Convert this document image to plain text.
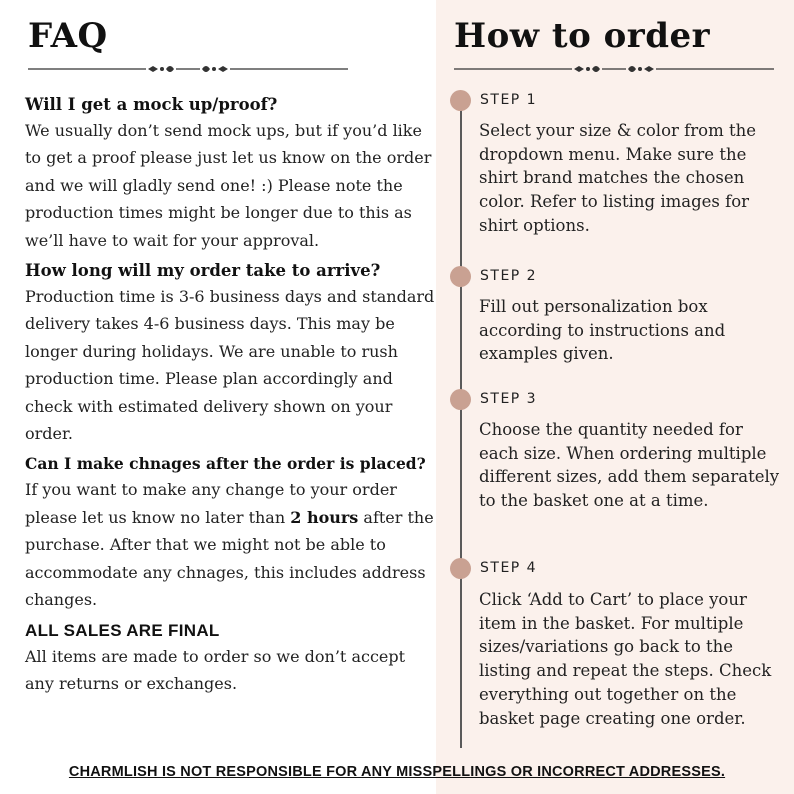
FAQ	How to order
Will I get a mock up/proof?
We usually don’t send mock ups, but if you’d like to get a proof please just let us know on the order and we will gladly send one! :) Please note the production times might be longer due to this as we’ll have to wait for your approval.
How long will my order take to arrive?
Production time is 3-6 business days and standard delivery takes 4-6 business days. This may be longer during holidays. We are unable to rush production time. Please plan accordingly and check with estimated delivery shown on your order.
Can I make chnages after the order is placed?
If you want to make any change to your order please let us know no later than 2 hours after the purchase. After that we might not be able to accommodate any chnages, this includes address changes.
ALL SALES ARE FINAL
All items are made to order so we don’t accept any returns or exchanges.
STEP 1
Select your size & color from the dropdown menu. Make sure the shirt brand matches the chosen color. Refer to listing images for shirt options.
STEP 2
Fill out personalization box according to instructions and examples given.
STEP 3
Choose the quantity needed for each size. When ordering multiple different sizes, add them separately to the basket one at a time.
STEP 4
Click ‘Add to Cart’ to place your item in the basket. For multiple sizes/variations go back to the listing and repeat the steps. Check everything out together on the basket page creating one order.
CHARMLISH IS NOT RESPONSIBLE FOR ANY MISSPELLINGS OR INCORRECT ADDRESSES.
